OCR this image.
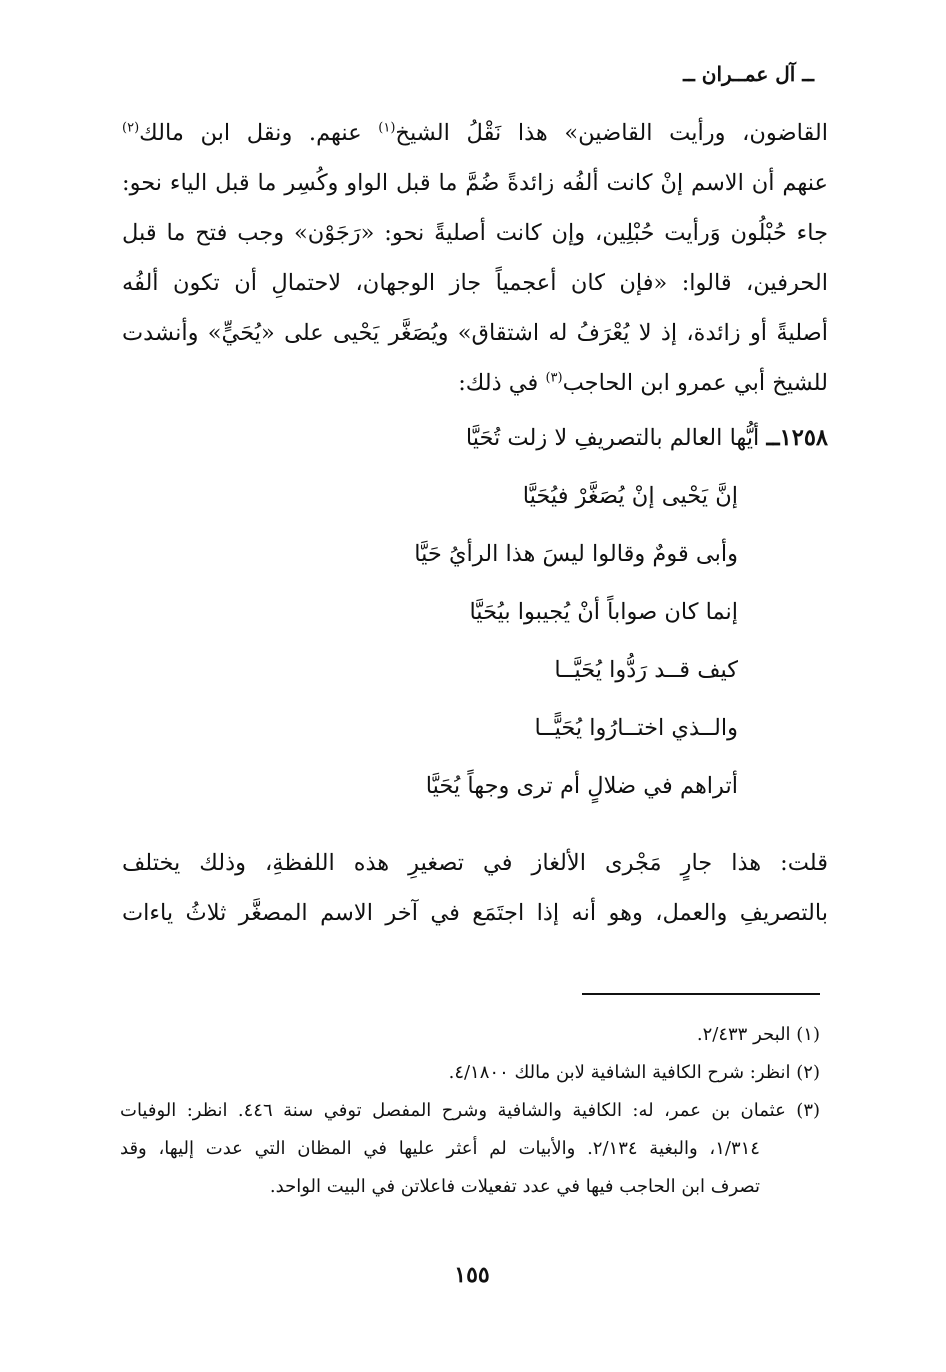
ــ آل عمــران ــ
القاضون، ورأيت القاضين» هذا نَقْلُ الشيخ$^{(١)}$ عنهم. ونقل ابن مالك$^{(٢)}$
عنهم أن الاسم إنْ كانت ألفُه زائدةً ضُمَّ ما قبل الواو وكُسِر ما قبل الياء نحو:
جاء حُبْلُون وَرأيت حُبْلِين، وإن كانت أصليةً نحو: «رَجَوْن» وجب فتح ما قبل
الحرفين، قالوا: «فإن كان أعجمياً جاز الوجهان، لاحتمالِ أن تكون ألفُه
أصليةً أو زائدة، إذ لا يُعْرَفُ له اشتقاق» ويُصَغَّر يَحْيى على «يُحَيٍّ» وأنشدت
للشيخ أبي عمرو ابن الحاجب$^{(٣)}$ في ذلك:
١٢٥٨ــ أيُّها العالم بالتصريفِ لا زلت تُحَيَّا
إنَّ يَحْيى إنْ يُصَغَّرْ فيُحَيَّا
وأبى قومٌ وقالوا ليسَ هذا الرأيُ حَيَّا
إنما كان صواباً أنْ يُجيبوا بيُحَيَّا
كيف قــد رَدُّوا يُحَيَّــا
والــذي اختــارُوا يُحَيًّــا
أتراهم في ضلالٍ أم ترى وجهاً يُحَيَّا
قلت: هذا جارٍ مَجْرى الألغاز في تصغيرِ هذه اللفظةِ، وذلك يختلف
بالتصريفِ والعمل، وهو أنه إذا اجتَمَع في آخر الاسم المصغَّر ثلاثُ ياءات
(١) البحر ٢/٤٣٣.
(٢) انظر: شرح الكافية الشافية لابن مالك ٤/١٨٠٠.
(٣) عثمان بن عمر، له: الكافية والشافية وشرح المفصل توفي سنة ٤٤٦. انظر: الوفيات
١/٣١٤، والبغية ٢/١٣٤. والأبيات لم أعثر عليها في المظان التي عدت إليها، وقد
تصرف ابن الحاجب فيها في عدد تفعيلات فاعلاتن في البيت الواحد.
١٥٥
